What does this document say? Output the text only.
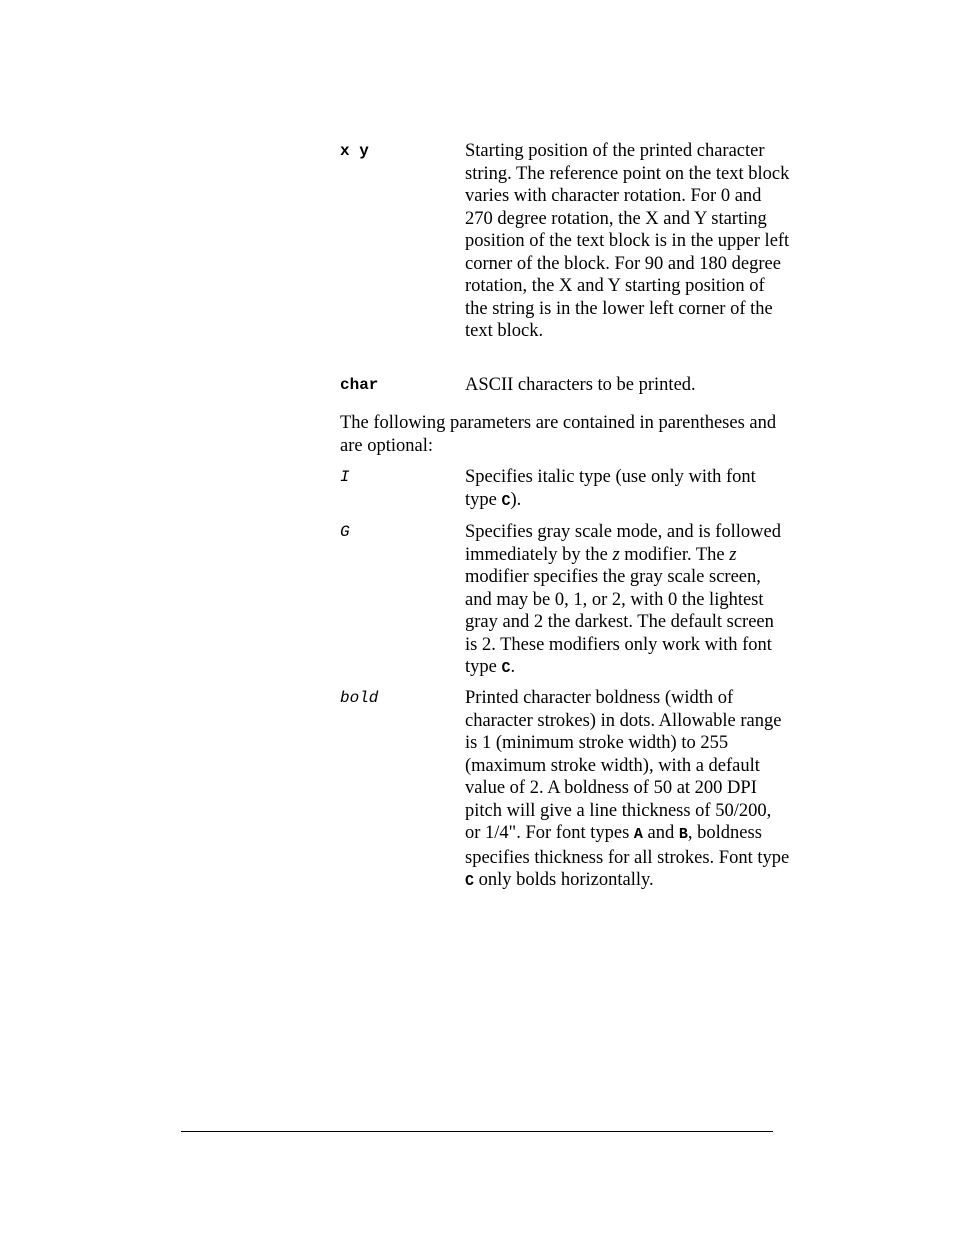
x y	Starting position of the printed character string. The reference point on the text block varies with character rotation. For 0 and 270 degree rotation, the X and Y starting position of the text block is in the upper left corner of the block. For 90 and 180 degree rotation, the X and Y starting position of the string is in the lower left corner of the text block.
char	ASCII characters to be printed.
The following parameters are contained in parentheses and are optional:
I	Specifies italic type (use only with font type C).
G	Specifies gray scale mode, and is followed immediately by the z modifier. The z modifier specifies the gray scale screen, and may be 0, 1, or 2, with 0 the lightest gray and 2 the darkest. The default screen is 2. These modifiers only work with font type C.
bold	Printed character boldness (width of character strokes) in dots. Allowable range is 1 (minimum stroke width) to 255 (maximum stroke width), with a default value of 2. A boldness of 50 at 200 DPI pitch will give a line thickness of 50/200, or 1/4". For font types A and B, boldness specifies thickness for all strokes. Font type C only bolds horizontally.
